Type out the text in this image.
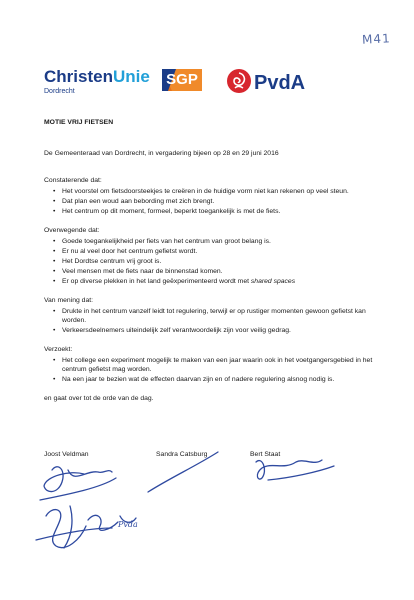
M41
ChristenUnie
Dordrecht
SGP	PvdA

MOTIE VRIJ FIETSEN

De Gemeenteraad van Dordrecht, in vergadering bijeen op 28 en 29 juni 2016

Constaterende dat:

• Het voorstel om fietsdoorsteekjes te creëren in de huidige vorm niet kan rekenen op veel steun.
• Dat plan een woud aan bebording met zich brengt.
• Het centrum op dit moment, formeel, beperkt toegankelijk is met de fiets.

Overwegende dat:

• Goede toegankelijkheid per fiets van het centrum van groot belang is.
• Er nu al veel door het centrum gefietst wordt.
• Het Dordtse centrum vrij groot is.
• Veel mensen met de fiets naar de binnenstad komen.
• Er op diverse plekken in het land geëxperimenteerd wordt met shared spaces

Van mening dat:

• Drukte in het centrum vanzelf leidt tot regulering, terwijl er op rustiger momenten gewoon gefietst kan worden.
• Verkeersdeelnemers uiteindelijk zelf verantwoordelijk zijn voor veilig gedrag.

Verzoekt:

• Het college een experiment mogelijk te maken van een jaar waarin ook in het voetgangersgebied in het centrum gefietst mag worden.
• Na een jaar te bezien wat de effecten daarvan zijn en of nadere regulering alsnog nodig is.

en gaat over tot de orde van de dag.

Joost Veldman	Sandra Catsburg	Bert Staat
Pvda
